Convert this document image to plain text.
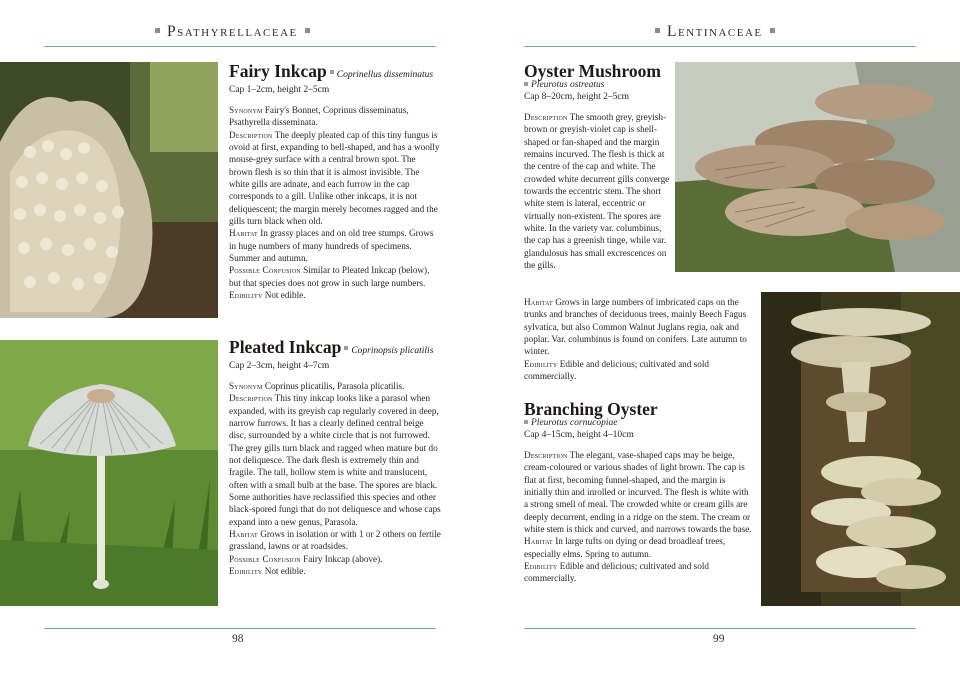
Psathyrellaceae
Fairy Inkcap Coprinellus disseminatus
Cap 1–2cm, height 2–5cm

Synonym Fairy's Bonnet, Coprinus disseminatus, Psathyrella disseminata.

Description The deeply pleated cap of this tiny fungus is ovoid at first, expanding to bell-shaped, and has a woolly mouse-grey surface with a central brown spot. The brown flesh is so thin that it is almost invisible. The white gills are adnate, and each furrow in the cap corresponds to a gill. Unlike other inkcaps, it is not deliquescent; the margin merely becomes ragged and the gills turn black when old.

Habitat In grassy places and on old tree stumps. Grows in huge numbers of many hundreds of specimens. Summer and autumn.

Possible Confusion Similar to Pleated Inkcap (below), but that species does not grow in such large numbers.

Edibility Not edible.

Pleated Inkcap Coprinopsis plicatilis
Cap 2–3cm, height 4–7cm

Synonym Coprinus plicatilis, Parasola plicatilis.

Description This tiny inkcap looks like a parasol when expanded, with its greyish cap regularly covered in deep, narrow furrows. It has a clearly defined central beige disc, surrounded by a white circle that is not furrowed. The grey gills turn black and ragged when mature but do not deliquesce. The dark flesh is extremely thin and fragile. The tall, hollow stem is white and translucent, often with a small bulb at the base. The spores are black. Some authorities have reclassified this species and other black-spored fungi that do not deliquesce and whose caps expand into a new genus, Parasola.

Habitat Grows in isolation or with 1 or 2 others on fertile grassland, lawns or at roadsides.

Possible Confusion Fairy Inkcap (above).

Edibility Not edible.

98
Lentinaceae
Oyster Mushroom
Pleurotus ostreatus
Cap 8–20cm, height 2–5cm

Description The smooth grey, greyish-brown or greyish-violet cap is shell-shaped or fan-shaped and the margin remains incurved. The flesh is thick at the centre of the cap and white. The crowded white decurrent gills converge towards the eccentric stem. The short white stem is lateral, eccentric or virtually non-existent. The spores are white. In the variety var. columbinus, the cap has a greenish tinge, while var. glandulosus has small excrescences on the gills.

Habitat Grows in large numbers of imbricated caps on the trunks and branches of deciduous trees, mainly Beech Fagus sylvatica, but also Common Walnut Juglans regia, oak and poplar. Var. columbinus is found on conifers. Late autumn to winter.

Edibility Edible and delicious; cultivated and sold commercially.

Branching Oyster
Pleurotus cornucopiae
Cap 4–15cm, height 4–10cm

Description The elegant, vase-shaped caps may be beige, cream-coloured or various shades of light brown. The cap is flat at first, becoming funnel-shaped, and the margin is initially thin and inrolled or incurved. The flesh is white with a strong smell of meal. The crowded white or cream gills are deeply decurrent, ending in a ridge on the stem. The cream or white stem is thick and curved, and narrows towards the base.

Habitat In large tufts on dying or dead broadleaf trees, especially elms. Spring to autumn.

Edibility Edible and delicious; cultivated and sold commercially.

99
